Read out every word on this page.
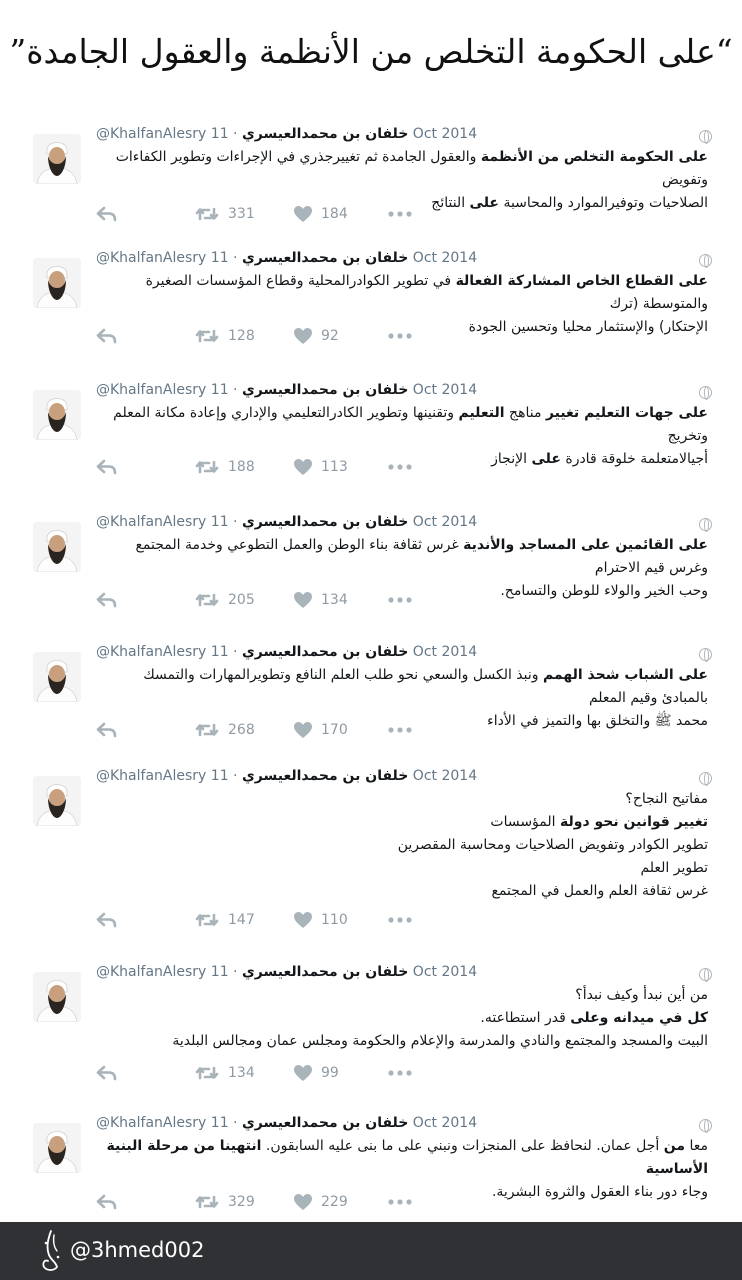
“على الحكومة التخلص من الأنظمة والعقول الجامدة”
@KhalfanAlesry	خلفان بن محمدالعيسري · 11 Oct 2014

على الحكومة التخلص من الأنظمة والعقول الجامدة ثم تغييرجذري في الإجراءات وتطوير الكفاءات وتفويض

الصلاحيات وتوفيرالموارد والمحاسبة على النتائج

331	184
@KhalfanAlesry	خلفان بن محمدالعيسري · 11 Oct 2014

على القطاع الخاص المشاركة الفعالة في تطوير الكوادرالمحلية وقطاع المؤسسات الصغيرة والمتوسطة (ترك

الإحتكار) والإستثمار محليا وتحسين الجودة

128	92
@KhalfanAlesry	خلفان بن محمدالعيسري · 11 Oct 2014

على جهات التعليم تغيير مناهج التعليم وتقنينها وتطوير الكادرالتعليمي والإداري وإعادة مكانة المعلم وتخريج

أجيالامتعلمة خلوقة قادرة على الإنجاز

188	113
@KhalfanAlesry	خلفان بن محمدالعيسري · 11 Oct 2014

على القائمين على المساجد والأندية غرس ثقافة بناء الوطن والعمل التطوعي وخدمة المجتمع وغرس قيم الاحترام

وحب الخير والولاء للوطن والتسامح.

205	134
@KhalfanAlesry	خلفان بن محمدالعيسري · 11 Oct 2014

على الشباب شحذ الهمم ونبذ الكسل والسعي نحو طلب العلم النافع وتطويرالمهارات والتمسك بالمبادئ وقيم المعلم

محمد ﷺ والتخلق بها والتميز في الأداء

268	170
@KhalfanAlesry	خلفان بن محمدالعيسري · 11 Oct 2014

مفاتيح النجاح؟

تغيير قوانين نحو دولة المؤسسات

تطوير الكوادر وتفويض الصلاحيات ومحاسبة المقصرين

تطوير العلم

غرس ثقافة العلم والعمل في المجتمع

147	110
@KhalfanAlesry	خلفان بن محمدالعيسري · 11 Oct 2014

من أين نبدأ وكيف نبدأ؟

كل في ميدانه وعلى قدر استطاعته.

البيت والمسجد والمجتمع والنادي والمدرسة والإعلام والحكومة ومجلس عمان ومجالس البلدية

134	99
@KhalfanAlesry	خلفان بن محمدالعيسري · 11 Oct 2014

معا من أجل عمان. لنحافظ على المنجزات ونبني على ما بنى عليه السابقون. انتهينا من مرحلة البنية الأساسية

وجاء دور بناء العقول والثروة البشرية.

329	229
@3hmed002
